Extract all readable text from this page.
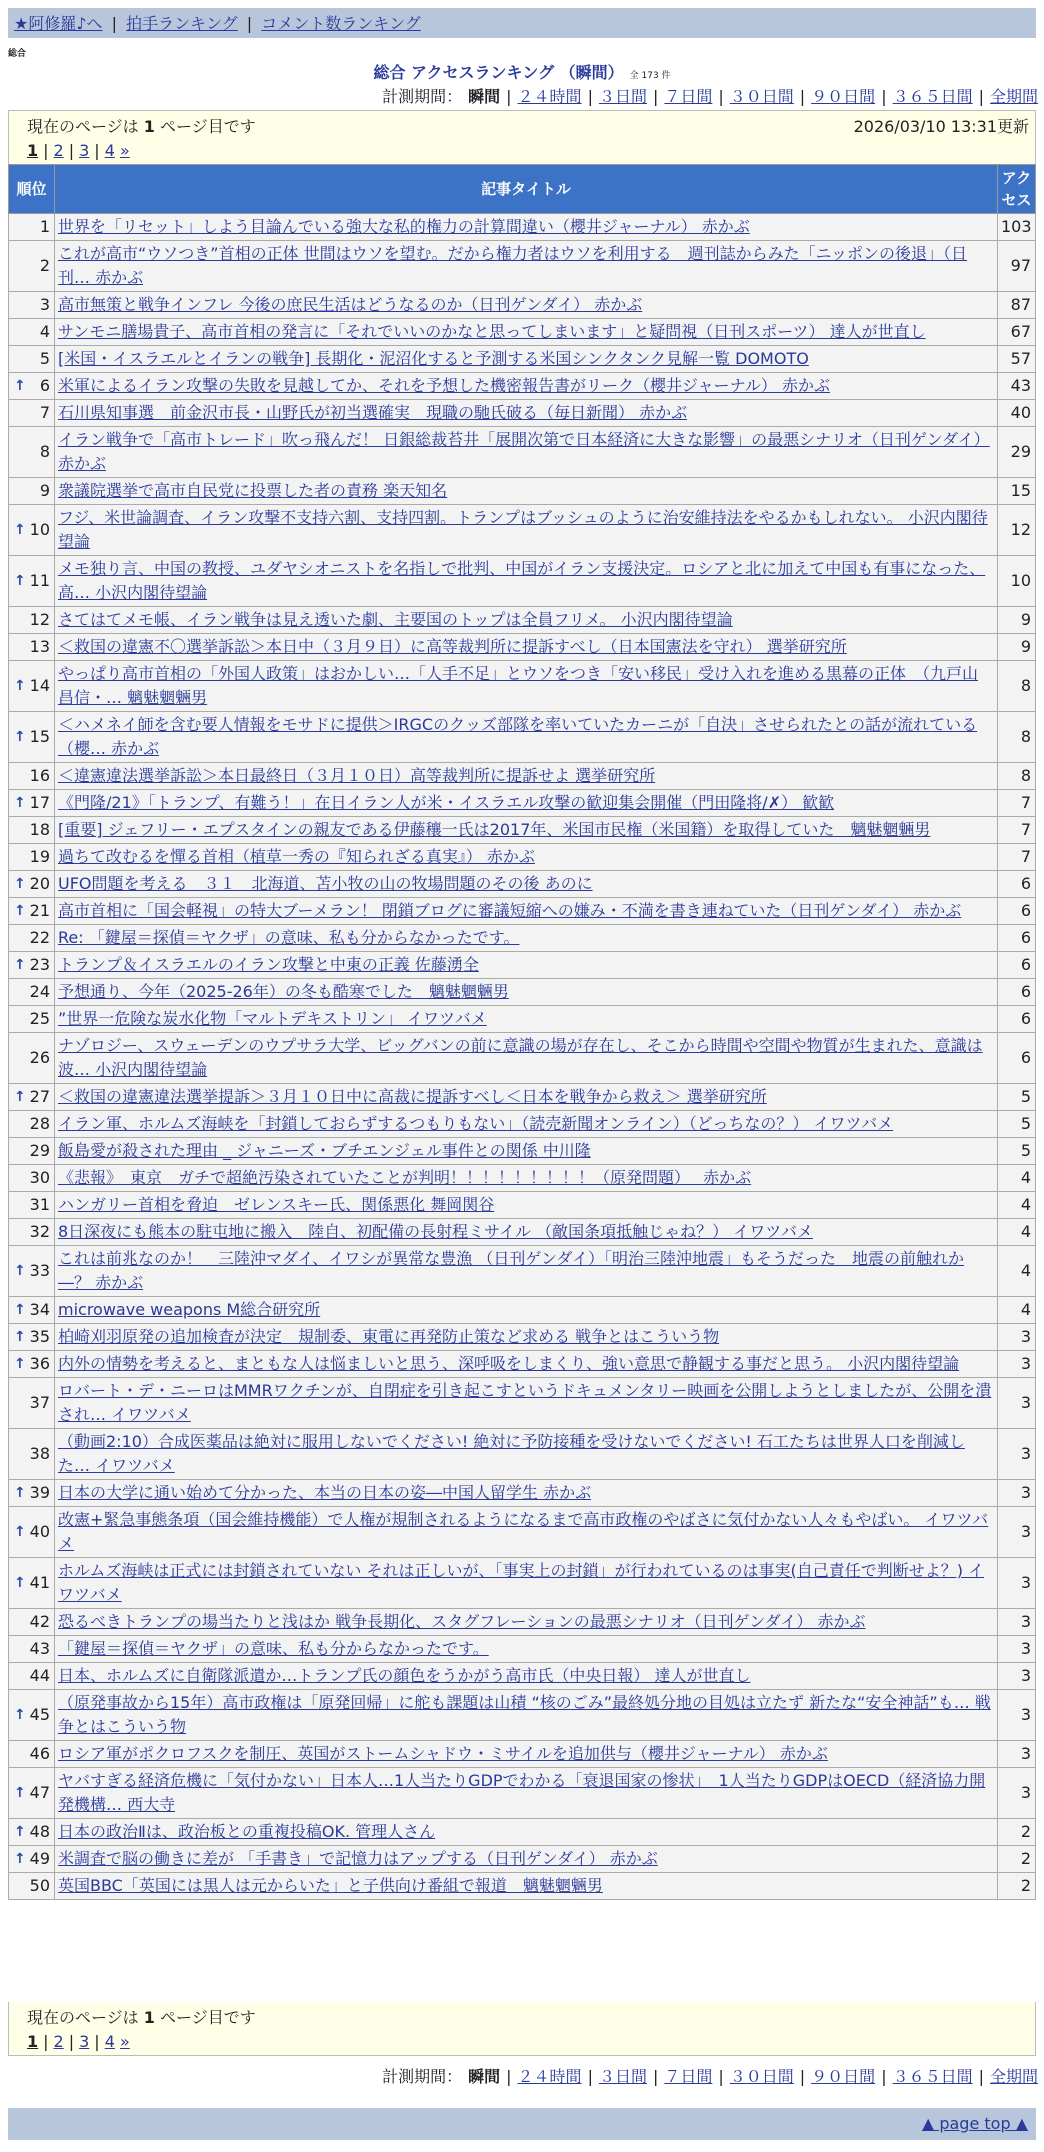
★阿修羅♪へ | 拍手ランキング | コメント数ランキング
総合
総合 アクセスランキング （瞬間） 全 173 件
計測期間： 瞬間 | ２４時間 | ３日間 | ７日間 | ３０日間 | ９０日間 | ３６５日間 | 全期間
現在のページは 1 ページ目です	2026/03/10 13:31更新
1 | 2 | 3 | 4 »
順位	記事タイトル	アクセス
1	世界を「リセット」しよう目論んでいる強大な私的権力の計算間違い（櫻井ジャーナル） 赤かぶ	103
2	これが高市“ウソつき”首相の正体 世間はウソを望む。だから権力者はウソを利用する　週刊誌からみた「ニッポンの後退」（日刊… 赤かぶ	97
3	高市無策と戦争インフレ 今後の庶民生活はどうなるのか（日刊ゲンダイ） 赤かぶ	87
4	サンモニ膳場貴子、高市首相の発言に「それでいいのかなと思ってしまいます」と疑問視（日刊スポーツ） 達人が世直し	67
5	[米国・イスラエルとイランの戦争] 長期化・泥沼化すると予測する米国シンクタンク見解一覧 DOMOTO	57

↑ 6	米軍によるイラン攻撃の失敗を見越してか、それを予想した機密報告書がリーク（櫻井ジャーナル） 赤かぶ	43
7	石川県知事選　前金沢市長・山野氏が初当選確実　現職の馳氏破る（毎日新聞） 赤かぶ	40
8	イラン戦争で「高市トレード」吹っ飛んだ！ 日銀総裁苔井「展開次第で日本経済に大きな影響」の最悪シナリオ（日刊ゲンダイ） 赤かぶ	29
9	衆議院選挙で高市自民党に投票した者の責務 楽天知名	15

↑ 10	フジ、米世論調査、イラン攻撃不支持六割、支持四割。トランプはブッシュのように治安維持法をやるかもしれない。 小沢内閣待望論	12

↑ 11	メモ独り言、中国の教授、ユダヤシオニストを名指しで批判、中国がイラン支援決定。ロシアと北に加えて中国も有事になった、高… 小沢内閣待望論	10
12	さてはてメモ帳、イラン戦争は見え透いた劇、主要国のトップは全員フリメ。 小沢内閣待望論	9
13	＜救国の違憲不〇選挙訴訟＞本日中（３月９日）に高等裁判所に提訴すべし（日本国憲法を守れ） 選挙研究所	9

↑ 14	やっぱり高市首相の「外国人政策」はおかしい…「人手不足」とウソをつき「安い移民」受け入れを進める黒幕の正体　（九戸山 昌信・… 魑魅魍魎男	8

↑ 15	＜ハメネイ師を含む要人情報をモサドに提供＞IRGCのクッズ部隊を率いていたカーニが「自決」させられたとの話が流れている（櫻… 赤かぶ	8
16	＜違憲違法選挙訴訟＞本日最終日（３月１０日）高等裁判所に提訴せよ 選挙研究所	8

↑ 17	《門隆/21》「トランプ、有難う！」在日イラン人が米・イスラエル攻撃の歓迎集会開催（門田隆将/✗） 歓歓	7
18	[重要] ジェフリー・エプスタインの親友である伊藤穰一氏は2017年、米国市民権（米国籍）を取得していた　魑魅魍魎男	7
19	過ちて改むるを憚る首相（植草一秀の『知られざる真実』） 赤かぶ	7

↑ 20	UFO問題を考える　３１　北海道、苫小牧の山の牧場問題のその後 あのに	6

↑ 21	高市首相に「国会軽視」の特大ブーメラン！ 閉鎖ブログに審議短縮への嫌み・不満を書き連ねていた（日刊ゲンダイ） 赤かぶ	6
22	Re: 「鍵屋＝探偵＝ヤクザ」の意味、私も分からなかったです。	6

↑ 23	トランプ＆イスラエルのイラン攻撃と中東の正義 佐藤湧全	6
24	予想通り、今年（2025-26年）の冬も酷寒でした　魑魅魍魎男	6
25	”世界一危険な炭水化物「マルトデキストリン」 イワツバメ	6
26	ナゾロジー、スウェーデンのウプサラ大学、ビッグバンの前に意識の場が存在し、そこから時間や空間や物質が生まれた、意識は波… 小沢内閣待望論	6

↑ 27	＜救国の違憲違法選挙提訴＞３月１０日中に高裁に提訴すべし＜日本を戦争から救え＞ 選挙研究所	5
28	イラン軍、ホルムズ海峡を「封鎖しておらずするつもりもない」（読売新聞オンライン）（どっちなの？） イワツバメ	5
29	飯島愛が殺された理由 _ ジャニーズ・ブチエンジェル事件との関係 中川隆	5
30	《悲報》　東京　ガチで超絶汚染されていたことが判明！！！！！！！！！（原発問題）　 赤かぶ	4
31	ハンガリー首相を脅迫　ゼレンスキー氏、関係悪化 舞岡関谷	4
32	8日深夜にも熊本の駐屯地に搬入　陸自、初配備の長射程ミサイル （敵国条項抵触じゃね？） イワツバメ	4

↑ 33	これは前兆なのか！　三陸沖マダイ、イワシが異常な豊漁 （日刊ゲンダイ）「明治三陸沖地震」もそうだった　地震の前触れか―？ 赤かぶ	4

↑ 34	microwave weapons M総合研究所	4

↑ 35	柏崎刈羽原発の追加検査が決定　規制委、東電に再発防止策など求める 戦争とはこういう物	3

↑ 36	内外の情勢を考えると、まともな人は悩ましいと思う、深呼吸をしまくり、強い意思で静観する事だと思う。 小沢内閣待望論	3
37	ロバート・デ・ニーロはMMRワクチンが、自閉症を引き起こすというドキュメンタリー映画を公開しようとしましたが、公開を潰され… イワツバメ	3
38	（動画2:10）合成医薬品は絶対に服用しないでください! 絶対に予防接種を受けないでください! 石工たちは世界人口を削減した… イワツバメ	3

↑ 39	日本の大学に通い始めて分かった、本当の日本の姿―中国人留学生 赤かぶ	3

↑ 40	改憲+緊急事態条項（国会維持機能）で人権が規制されるようになるまで高市政権のやばさに気付かない人々もやばい。 イワツバメ	3

↑ 41	ホルムズ海峡は正式には封鎖されていない それは正しいが、「事実上の封鎖」が行われているのは事実(自己責任で判断せよ？) イワツバメ	3
42	恐るべきトランプの場当たりと浅はか 戦争長期化、スタグフレーションの最悪シナリオ（日刊ゲンダイ） 赤かぶ	3
43	「鍵屋＝探偵＝ヤクザ」の意味、私も分からなかったです。	3
44	日本、ホルムズに自衛隊派遣か…トランプ氏の顔色をうかがう高市氏（中央日報） 達人が世直し	3

↑ 45	（原発事故から15年）高市政権は「原発回帰」に舵も課題は山積 “核のごみ”最終処分地の目処は立たず 新たな“安全神話”も… 戦争とはこういう物	3
46	ロシア軍がポクロフスクを制圧、英国がストームシャドウ・ミサイルを追加供与（櫻井ジャーナル） 赤かぶ	3

↑ 47	ヤバすぎる経済危機に「気付かない」日本人…1人当たりGDPでわかる「衰退国家の惨状」　1人当たりGDPはOECD（経済協力開発機構… 西大寺	3

↑ 48	日本の政治Ⅱは、政治板との重複投稿OK. 管理人さん	2

↑ 49	米調査で脳の働きに差が 「手書き」で記憶力はアップする（日刊ゲンダイ） 赤かぶ	2
50	英国BBC「英国には黒人は元からいた」と子供向け番組で報道　魑魅魍魎男	2
現在のページは 1 ページ目です
1 | 2 | 3 | 4 »
計測期間： 瞬間 | ２４時間 | ３日間 | ７日間 | ３０日間 | ９０日間 | ３６５日間 | 全期間
▲ page top ▲
